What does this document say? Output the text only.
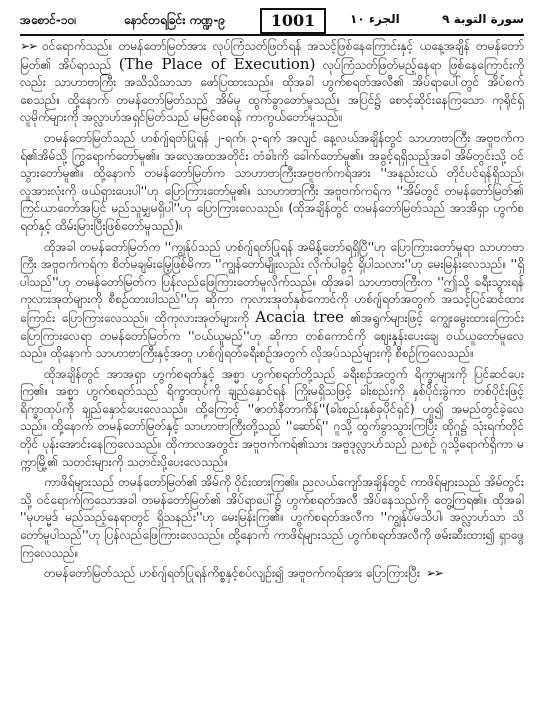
အစောင်-၁၀၊	နောင်တရခြင်း ကဏ္ဍ-၉	1001	الجزء ١٠	سورة التوبة ٩

➢➢ ဝင်ရောက်သည်။ တမန်တော်မြတ်အား လုပ်ကြံသတ်ဖြတ်ရန် အသင့်ဖြစ်နေကြောင်းနှင့် ယနေ့အချိန် တမန်တော်မြတ်၏ အိပ်ရာသည် (The Place of Execution) လုပ်ကြံသတ်ဖြတ်မည့်နေရာ ဖြစ်နေကြောင်းကိုလည်း သာဟာဗာကြီး အသိသိသာသာ ဖော်ပြထားသည်။ ထိုအခါ ဟွက်စရတ်အလီ၏ အိပ်ရာပေါ်တွင် အိပ်စက်စေသည်။ ထို့နောက် တမန်တော်မြတ်သည် အိမ်မှ ထွက်ခွာတော်မူသည်။ အပြင်၌ စောင့်ဆိုင်းနေကြသော ကုရိုင်ရှ်လူမိုက်များကို အလ္လာဟ်အရှင်မြတ်သည် မမြင်စေရန် ကာကွယ်တော်မူသည်။

တမန်တော်မြတ်သည် ဟစ်ဂျ်ရတ်ပြုရန် ၂-ရက်၊ ၃-ရက် အလျင် နေ့လယ်အချိန်တွင် သာဟာဗာကြီး အဗူဗက်ကရ်၏အိမ်သို့ ကြွရောက်တော်မူ၏။ အလေ့အထအတိုင်း တံခါးကို ခေါက်တော်မူ၏။ အခွင့်ရရှိသည့်အခါ အိမ်တွင်းသို့ ဝင်သွားတော်မူ၏။ ထို့နောက် တမန်တော်မြတ်က သာဟာဗာကြီးအဗူဗက်ကရ်အား ''အနည်းငယ် တိုင်ပင်ရန်ရှိသည်၊ လူအားလုံးကို ဖယ်ရှားပေးပါ''ဟု ပြောကြားတော်မူ၏။ သာဟာဗာကြီး အဗူဗက်ကရ်က ''အိမ်တွင် တမန်တော်မြတ်၏ ကြင်ယာတော်အပြင် မည်သူမျှမရှိပါ''ဟု ပြောကြားလေသည်။ (ထိုအချိန်တွင် တမန်တော်မြတ်သည် အာအိရှာ ဟွက်စရတ်နှင့် ထိမ်းမြားပြီးဖြစ်တော်မူသည်)။

ထိုအခါ တမန်တော်မြတ်က ''ကျွန်ုပ်သည် ဟစ်ဂျ်ရတ်ပြုရန် အမိန့်တော်ရရှိပြီ''ဟု ပြောကြားတော်မူရာ သာဟာဗာကြီး အဗူဗက်ကရ်က စိတ်မချမ်းမြေ့ဖြစ်မိကာ ''ကျွန်တော်မျိုးလည်း လိုက်ပါခွင့် ရှိပါသလား''ဟု မေးမြန်းလေသည်။ ''ရှိပါသည်''ဟု တမန်တော်မြတ်က ပြန်လည်ဖြေကြားတော်မူလိုက်သည်။ ထိုအခါ သာဟာဗာကြီးက ''ဤသို့ ခရီးသွားရန် ကုလားအုတ်များကို စီစဉ်ထားပါသည်''ဟု ဆိုကာ ကုလားအုတ်နှစ်ကောင်ကို ဟစ်ဂျ်ရတ်အတွက် အသင့်ပြင်ဆင်ထားကြောင်း ပြောကြားလေသည်။ ထိုကုလားအုတ်များကို Acacia tree ၏အရွက်များဖြင့် ကျွေးမွေးထားကြောင်း ပြောကြားလေရာ တမန်တော်မြတ်က ''ဝယ်ယူမည်''ဟု ဆိုကာ တစ်ကောင်ကို ဈေးနှုန်းပေးချေ ဝယ်ယူတော်မူလေသည်။ ထိုနောက် သာဟာဗာကြီးနှင့်အတူ ဟစ်ဂျ်ရတ်ခရီးစဉ်အတွက် လိုအပ်သည်များကို စီစဉ်ကြလေသည်။

ထိုအချိန်တွင် အာအရှာ ဟွက်စရတ်နှင့် အစ္မာ ဟွက်စရတ်တို့သည် ခရီးစဉ်အတွက် ရိက္ခာများကို ပြင်ဆင်ပေးကြ၏။ အစ္မာ ဟွက်စရတ်သည် ရိက္ခာထုပ်ကို ချည်နှောင်ရန် ကြိုးမရှိသဖြင့် ခါးစည်းကို နှစ်ပိုင်းခွဲကာ တစ်ပိုင်းဖြင့် ရိက္ခာထုပ်ကို ချည်နှောင်ပေးလေသည်။ ထို့ကြောင့် ''ဇာတ်နီတာကိန်''(ခါးစည်းနှစ်ခုပိုင်ရှင်) ဟူ၍ အမည်တွင်ခဲ့လေသည်။ ထို့နောက် တမန်တော်မြတ်နှင့် သာဟာဗာကြီးတို့သည် ''ဆော်ရ်'' ဂူသို့ ထွက်ခွာသွားကြပြီး ထိုဂူ၌ သုံးရက်တိုင်တိုင် ပုန်းအောင်းနေကြလေသည်။ ထိုကာလအတွင်း အဗူဗက်ကရ်၏သား အဗ္ဗဒုလ္လာဟ်သည် ညစဉ် ဂူသို့ရောက်ရှိကာ မက္ကာမြို့၏ သတင်းများကို သတင်းပို့ပေးလေသည်။

ကာဖိရ်များသည် တမန်တော်မြတ်၏ အိမ်ကို ဝိုင်းထားကြ၏။ ညလယ်ကျော်အချိန်တွင် ကာဖိရ်များသည် အိမ်တွင်းသို့ ဝင်ရောက်ကြသောအခါ တမန်တော်မြတ်၏ အိပ်ရာပေါ်၌ ဟွက်စရတ်အလီ အိပ်နေသည်ကို တွေ့ကြရ၏။ ထိုအခါ ''မုဟမ္မဒ် မည်သည့်နေရာတွင် ရှိသနည်း''ဟု မေးမြန်းကြ၏။ ဟွက်စရတ်အလီက ''ကျွန်ုပ်မသိပါ၊ အလ္လာဟ်သာ သိတော်မူပါသည်''ဟု ပြန်လည်ဖြေကြားလေသည်။ ထို့နောက် ကာဖိရ်များသည် ဟွက်စရတ်အလီကို ဖမ်းဆီးထား၍ ရှာဖွေကြလေသည်။

တမန်တော်မြတ်သည် ဟစ်ဂျ်ရတ်ပြုရန်ကိစ္စနှင့်စပ်လျဉ်း၍ အဗူဗက်ကရ်အား ပြောကြားပြီး ➢➢
